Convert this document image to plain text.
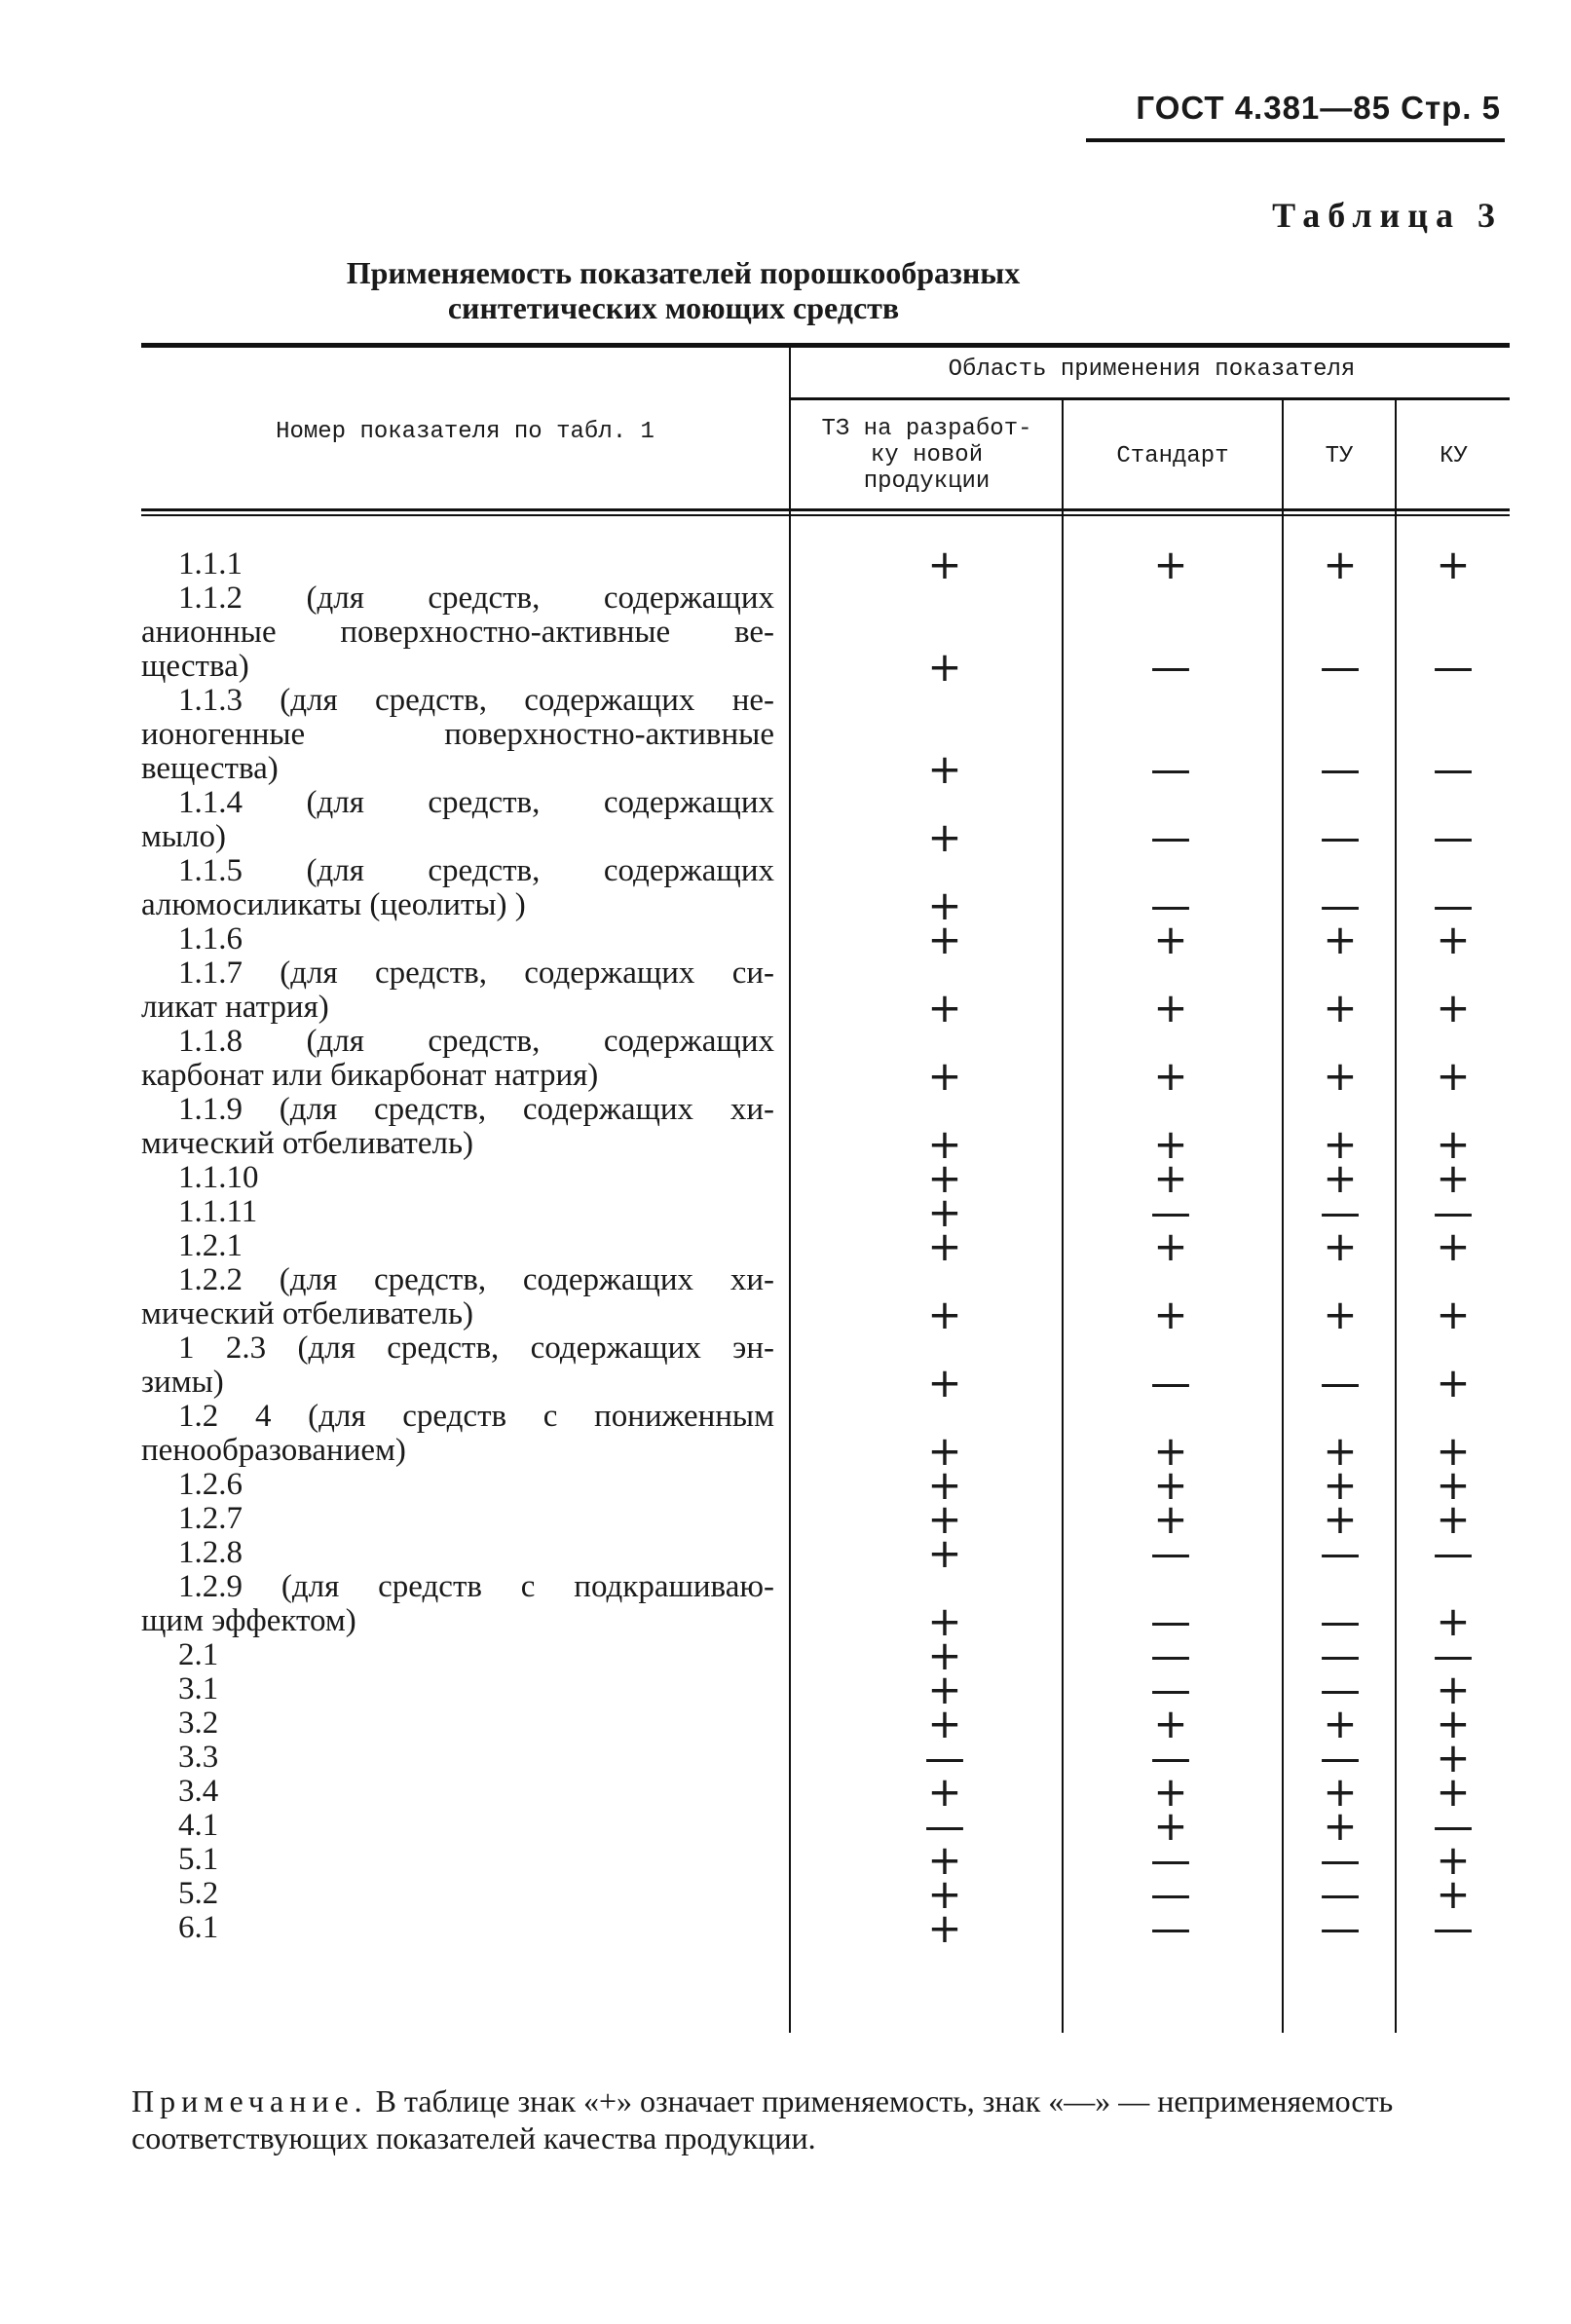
ГОСТ 4.381—85 Стр. 5
Таблица 3
Применяемость показателей порошкообразных
синтетических моющих средств
Номер показателя по табл. 1
Область применения показателя
ТЗ на разработ-
ку новой
продукции
Стандарт	ТУ	КУ
1.1.1	+	+	+ +
1.1.2 (для средств, содержащих
анионные поверхностно-активные ве-
щества)	+	—	— —
1.1.3 (для средств, содержащих не-
ионогенные поверхностно-активные
вещества)	+	—	— —
1.1.4 (для средств, содержащих
мыло)	+	—	— —
1.1.5 (для средств, содержащих
алюмосиликаты (цеолиты) )	+	—	— —
1.1.6	+	+	+ +
1.1.7 (для средств, содержащих си-
ликат натрия)	+	+	+ +
1.1.8 (для средств, содержащих
карбонат или бикарбонат натрия)	+	+	+ +
1.1.9 (для средств, содержащих хи-
мический отбеливатель)	+	+	+ +
1.1.10	+	+	+ +
1.1.11	+	—	— —
1.2.1	+	+	+ +
1.2.2 (для средств, содержащих хи-
мический отбеливатель)	+	+	+ +
1 2.3 (для средств, содержащих эн-
зимы)	+	—	— +
1.2 4 (для средств с пониженным
пенообразованием)	+	+	+ +
1.2.6	+	+	+ +
1.2.7	+	+	+ +
1.2.8	+	—	— —
1.2.9 (для средств с подкрашиваю-
щим эффектом)	+	—	— +
2.1	+	—	— —
3.1	+	—	— +
3.2	+	+	+ +
3.3	—	—	— +
3.4	+	+	+ +
4.1	—	+	+ —
5.1	+	—	— +
5.2	+	—	— +
6.1	+	—	— —
Примечание. В таблице знак «+» означает применяемость, знак «—» — неприменяемость соответствующих показателей качества продукции.
